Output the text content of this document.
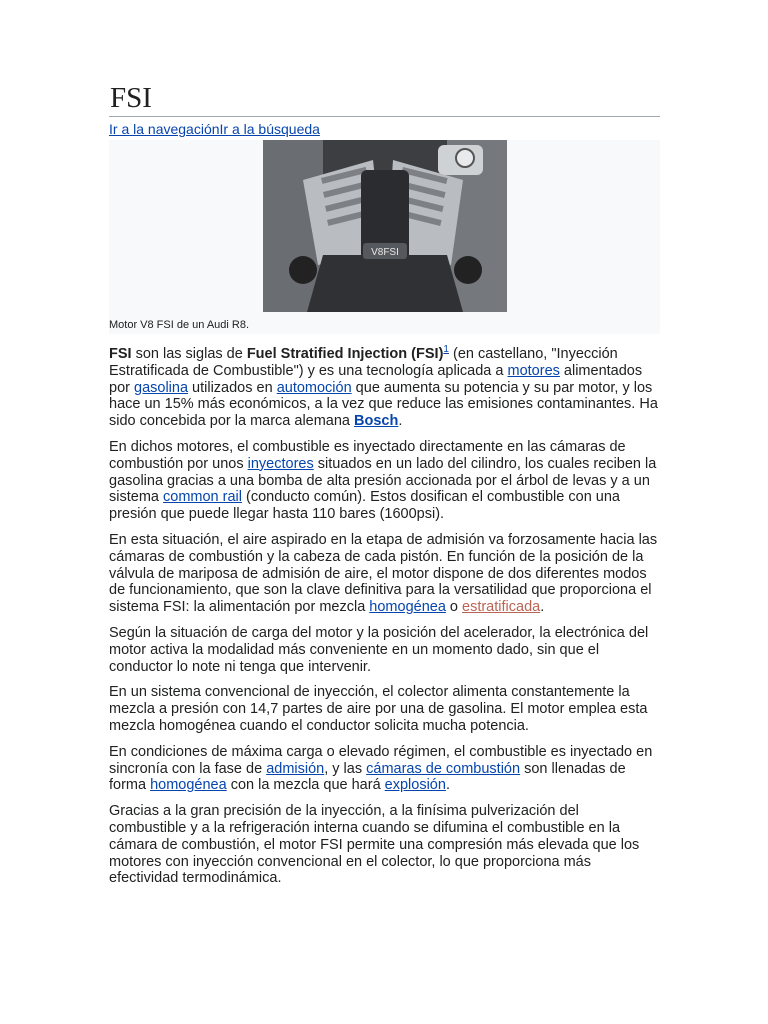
FSI
Ir a la navegaciónIr a la búsqueda
V8FSI
Motor V8 FSI de un Audi R8.

FSI son las siglas de Fuel Stratified Injection (FSI)$^1$ (en castellano, "Inyección Estratificada de Combustible") y es una tecnología aplicada a motores alimentados por gasolina utilizados en automoción que aumenta su potencia y su par motor, y los hace un 15% más económicos, a la vez que reduce las emisiones contaminantes. Ha sido concebida por la marca alemana Bosch.

En dichos motores, el combustible es inyectado directamente en las cámaras de combustión por unos inyectores situados en un lado del cilindro, los cuales reciben la gasolina gracias a una bomba de alta presión accionada por el árbol de levas y a un sistema common rail (conducto común). Estos dosifican el combustible con una presión que puede llegar hasta 110 bares (1600psi).

En esta situación, el aire aspirado en la etapa de admisión va forzosamente hacia las cámaras de combustión y la cabeza de cada pistón. En función de la posición de la válvula de mariposa de admisión de aire, el motor dispone de dos diferentes modos de funcionamiento, que son la clave definitiva para la versatilidad que proporciona el sistema FSI: la alimentación por mezcla homogénea o estratificada.

Según la situación de carga del motor y la posición del acelerador, la electrónica del motor activa la modalidad más conveniente en un momento dado, sin que el conductor lo note ni tenga que intervenir.

En un sistema convencional de inyección, el colector alimenta constantemente la mezcla a presión con 14,7 partes de aire por una de gasolina. El motor emplea esta mezcla homogénea cuando el conductor solicita mucha potencia.

En condiciones de máxima carga o elevado régimen, el combustible es inyectado en sincronía con la fase de admisión, y las cámaras de combustión son llenadas de forma homogénea con la mezcla que hará explosión.

Gracias a la gran precisión de la inyección, a la finísima pulverización del combustible y a la refrigeración interna cuando se difumina el combustible en la cámara de combustión, el motor FSI permite una compresión más elevada que los motores con inyección convencional en el colector, lo que proporciona más efectividad termodinámica.
